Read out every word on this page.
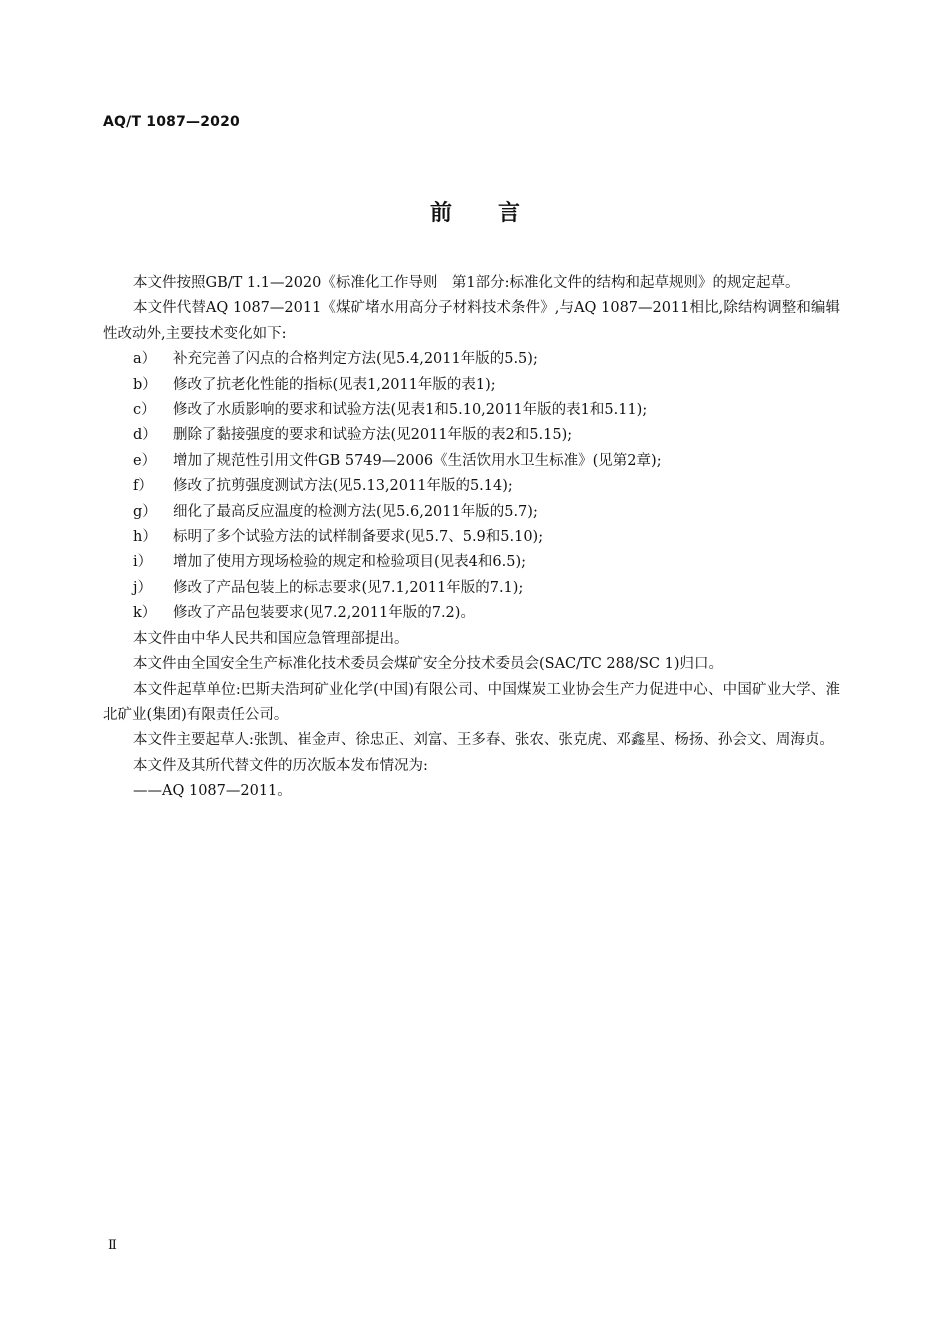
AQ/T 1087—2020
前言

本文件按照GB/T 1.1—2020《标准化工作导则　第1部分:标准化文件的结构和起草规则》的规定起草。

本文件代替AQ 1087—2011《煤矿堵水用高分子材料技术条件》,与AQ 1087—2011相比,除结构调整和编辑性改动外,主要技术变化如下:

a）	补充完善了闪点的合格判定方法(见5.4,2011年版的5.5);
b）	修改了抗老化性能的指标(见表1,2011年版的表1);
c）	修改了水质影响的要求和试验方法(见表1和5.10,2011年版的表1和5.11);
d）	删除了黏接强度的要求和试验方法(见2011年版的表2和5.15);
e）	增加了规范性引用文件GB 5749—2006《生活饮用水卫生标准》(见第2章);
f）	修改了抗剪强度测试方法(见5.13,2011年版的5.14);
g）	细化了最高反应温度的检测方法(见5.6,2011年版的5.7);
h）	标明了多个试验方法的试样制备要求(见5.7、5.9和5.10);
i）	增加了使用方现场检验的规定和检验项目(见表4和6.5);
j）	修改了产品包装上的标志要求(见7.1,2011年版的7.1);
k）	修改了产品包装要求(见7.2,2011年版的7.2)。

本文件由中华人民共和国应急管理部提出。

本文件由全国安全生产标准化技术委员会煤矿安全分技术委员会(SAC/TC 288/SC 1)归口。

本文件起草单位:巴斯夫浩珂矿业化学(中国)有限公司、中国煤炭工业协会生产力促进中心、中国矿业大学、淮北矿业(集团)有限责任公司。

本文件主要起草人:张凯、崔金声、徐忠正、刘富、王多春、张农、张克虎、邓鑫星、杨扬、孙会文、周海贞。

本文件及其所代替文件的历次版本发布情况为:

——AQ 1087—2011。

Ⅱ
